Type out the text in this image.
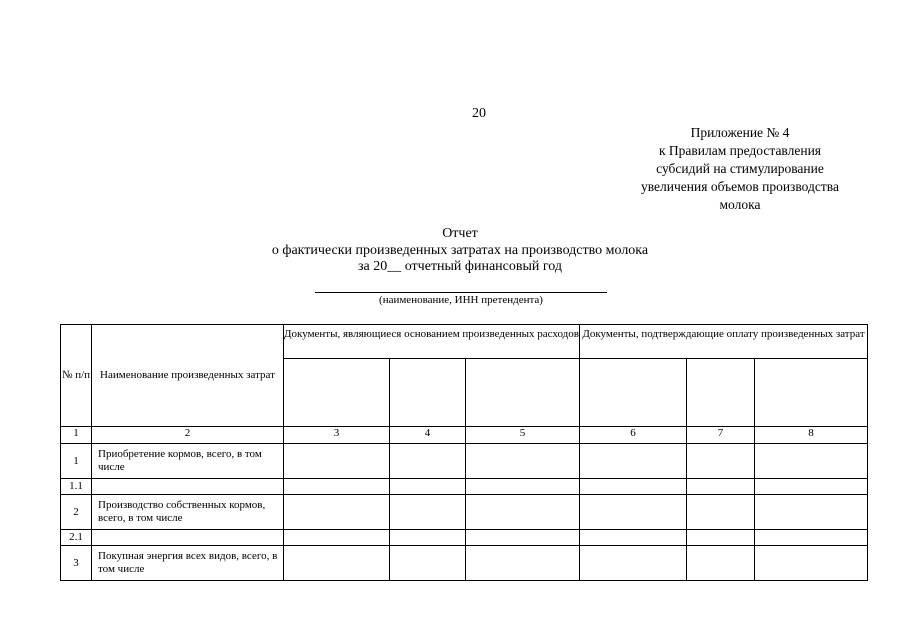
20
Приложение № 4
к Правилам предоставления
субсидий на стимулирование
увеличения объемов производства
молока
Отчет
о фактически произведенных затратах на производство молока
за 20__ отчетный финансовый год
(наименование, ИНН претендента)
№ п/п	Наименование произведенных затрат	Документы, являющиеся основанием произведенных расходов			Документы, подтверждающие оплату произведенных затрат		

1	2	3	4	5	6	7	8
1	Приобретение кормов, всего, в том числе						
1.1							
2	Производство собственных кормов, всего, в том числе						
2.1							
3	Покупная энергия всех видов, всего, в том числе						
